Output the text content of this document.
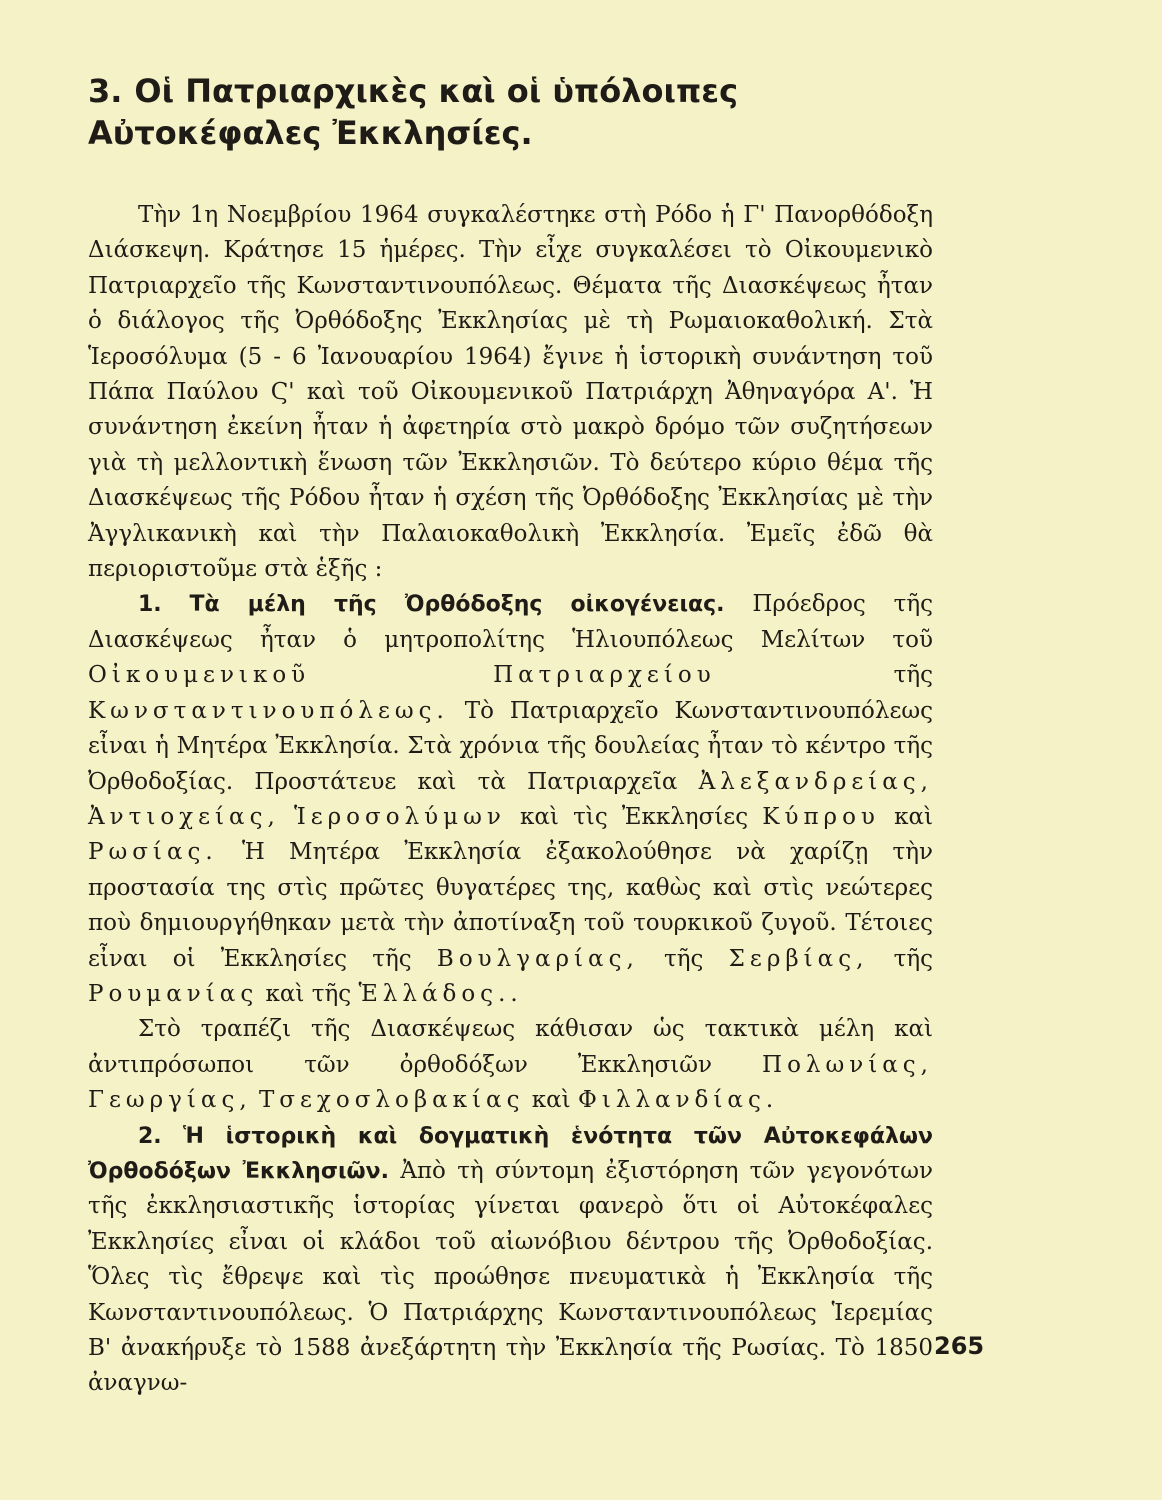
3. Οἱ Πατριαρχικὲς καὶ οἱ ὑπόλοιπες Αὐτοκέφαλες Ἐκκλησίες.

Τὴν 1η Νοεμβρίου 1964 συγκαλέστηκε στὴ Ρόδο ἡ Γ' Πανορθόδοξη Διάσκεψη. Κράτησε 15 ἡμέρες. Τὴν εἶχε συγκαλέσει τὸ Οἰκουμενικὸ Πατριαρχεῖο τῆς Κωνσταντινουπόλεως. Θέματα τῆς Διασκέψεως ἦταν ὁ διάλογος τῆς Ὀρθόδοξης Ἐκκλησίας μὲ τὴ Ρωμαιοκαθολική. Στὰ Ἱεροσόλυμα (5 - 6 Ἰανουαρίου 1964) ἔγινε ἡ ἱστορικὴ συνάντηση τοῦ Πάπα Παύλου Ϛ' καὶ τοῦ Οἰκουμενικοῦ Πατριάρχη Ἀθηναγόρα Α'. Ἡ συνάντηση ἐκείνη ἦταν ἡ ἀφετηρία στὸ μακρὸ δρόμο τῶν συζητήσεων γιὰ τὴ μελλοντικὴ ἕνωση τῶν Ἐκκλησιῶν. Τὸ δεύτερο κύριο θέμα τῆς Διασκέψεως τῆς Ρόδου ἦταν ἡ σχέση τῆς Ὀρθόδοξης Ἐκκλησίας μὲ τὴν Ἀγγλικανικὴ καὶ τὴν Παλαιοκαθολικὴ Ἐκκλησία. Ἐμεῖς ἐδῶ θὰ περιοριστοῦμε στὰ ἑξῆς :

1. Τὰ μέλη τῆς Ὀρθόδοξης οἰκογένειας. Πρόεδρος τῆς Διασκέψεως ἦταν ὁ μητροπολίτης Ἡλιουπόλεως Μελίτων τοῦ Οἰκουμενικοῦ Πατριαρχείου	τῆς Κωνσταντινουπόλεως. Τὸ Πατριαρχεῖο Κωνσταντινουπόλεως εἶναι ἡ Μητέρα Ἐκκλησία. Στὰ χρόνια τῆς δουλείας ἦταν τὸ κέντρο τῆς Ὀρθοδοξίας. Προστάτευε καὶ τὰ Πατριαρχεῖα Ἀλεξανδρείας, Ἀντιοχείας, Ἱεροσολύμων καὶ τὶς Ἐκκλησίες Κύπρου καὶ Ρωσίας. Ἡ Μητέρα Ἐκκλησία ἐξακολούθησε νὰ χαρίζῃ τὴν προστασία της στὶς πρῶτες θυγατέρες της, καθὼς καὶ στὶς νεώτερες ποὺ δημιουργήθηκαν μετὰ τὴν ἀποτίναξη τοῦ τουρκικοῦ ζυγοῦ. Τέτοιες εἶναι οἱ Ἐκκλησίες τῆς Βουλγαρίας, τῆς Σερβίας, τῆς Ρουμανίας καὶ τῆς Ἑλλάδος..

Στὸ τραπέζι τῆς Διασκέψεως κάθισαν ὡς τακτικὰ μέλη καὶ ἀντιπρόσωποι τῶν ὀρθοδόξων Ἐκκλησιῶν Πολωνίας, Γεωργίας, Τσεχοσλοβακίας καὶ Φιλλανδίας.

2. Ἡ ἱστορικὴ καὶ δογματικὴ ἑνότητα τῶν Αὐτοκεφάλων Ὀρθοδόξων Ἐκκλησιῶν. Ἀπὸ τὴ σύντομη ἐξιστόρηση τῶν γεγονότων τῆς ἐκκλησιαστικῆς ἱστορίας γίνεται φανερὸ ὅτι οἱ Αὐτοκέφαλες Ἐκκλησίες εἶναι οἱ κλάδοι τοῦ αἰωνόβιου δέντρου τῆς Ὀρθοδοξίας. Ὅλες τὶς ἔθρεψε καὶ τὶς προώθησε πνευματικὰ ἡ Ἐκκλησία τῆς Κωνσταντινουπόλεως. Ὁ Πατριάρχης Κωνσταντινουπόλεως Ἱερεμίας Β' ἀνακήρυξε τὸ 1588 ἀνεξάρτητη τὴν Ἐκκλησία τῆς Ρωσίας. Τὸ 1850 ἀναγνω-

265
